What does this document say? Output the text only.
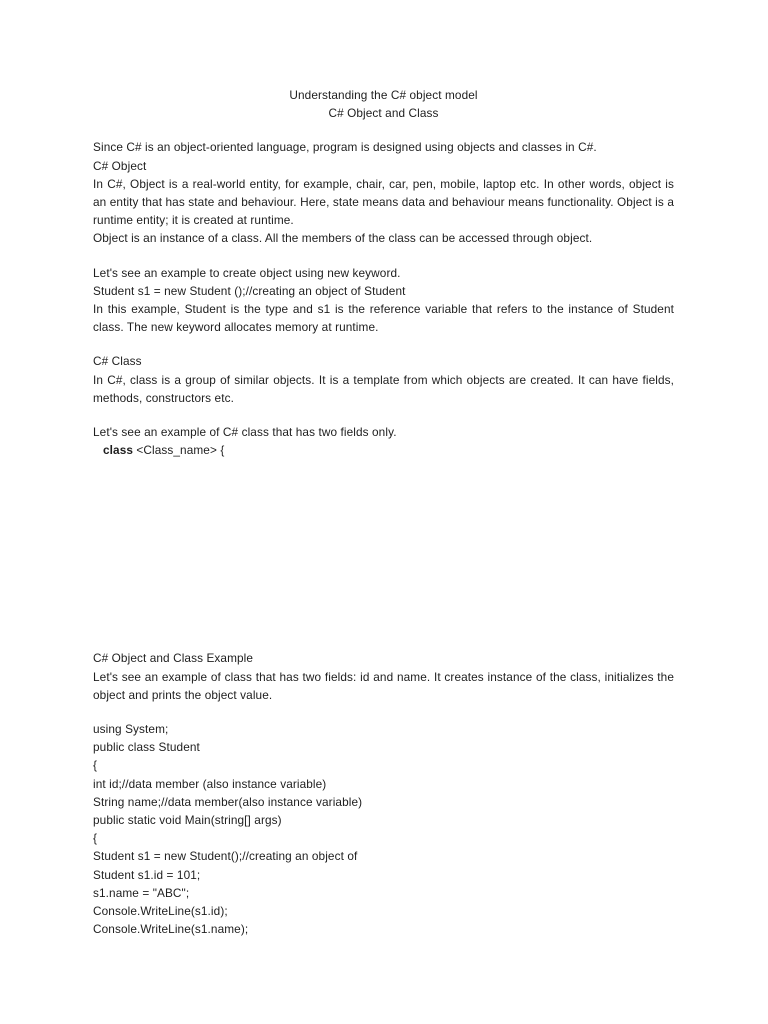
Understanding the C# object model
C# Object and Class
Since C# is an object-oriented language, program is designed using objects and classes in C#.
C# Object
In C#, Object is a real-world entity, for example, chair, car, pen, mobile, laptop etc. In other words, object is an entity that has state and behaviour. Here, state means data and behaviour means functionality. Object is a runtime entity; it is created at runtime.
Object is an instance of a class. All the members of the class can be accessed through object.
Let's see an example to create object using new keyword.
Student s1 = new Student ();//creating an object of Student
In this example, Student is the type and s1 is the reference variable that refers to the instance of Student class. The new keyword allocates memory at runtime.
C# Class
In C#, class is a group of similar objects. It is a template from which objects are created. It can have fields, methods, constructors etc.
Let's see an example of C# class that has two fields only.
class <Class_name> {
C# Object and Class Example
Let's see an example of class that has two fields: id and name. It creates instance of the class, initializes the object and prints the object value.
using System;
public class Student
{
int id;//data member (also instance variable)
String name;//data member(also instance variable)
public static void Main(string[] args)
{
Student s1 = new Student();//creating an object of
Student s1.id = 101;
s1.name = "ABC";
Console.WriteLine(s1.id);
Console.WriteLine(s1.name);
